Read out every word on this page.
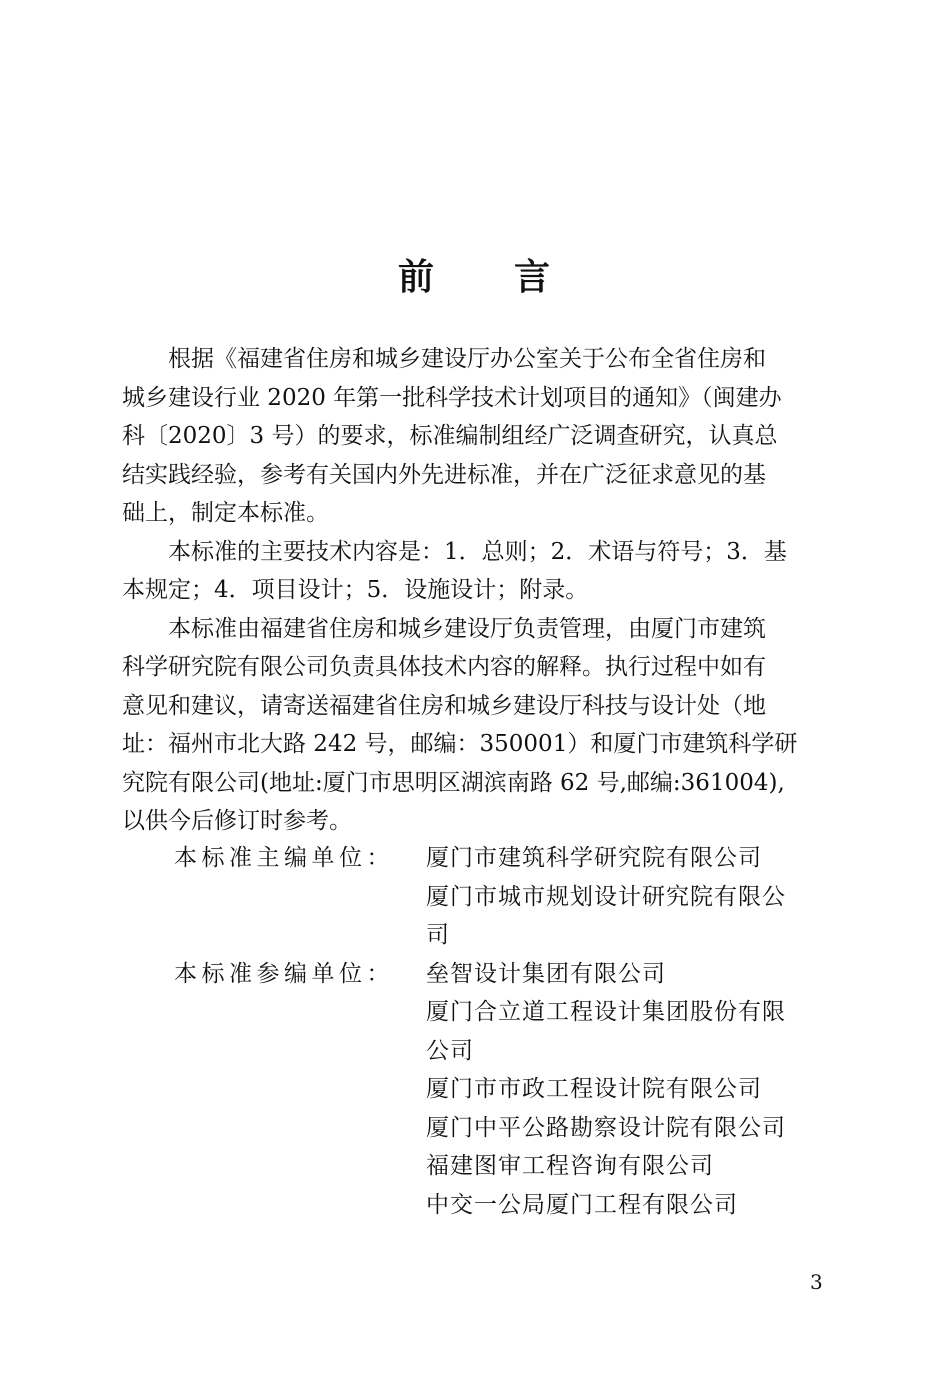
前 言

根据《福建省住房和城乡建设厅办公室关于公布全省住房和
城乡建设行业 2020 年第一批科学技术计划项目的通知》（闽建办
科〔2020〕3 号）的要求，标准编制组经广泛调查研究，认真总
结实践经验，参考有关国内外先进标准，并在广泛征求意见的基
础上，制定本标准。

本标准的主要技术内容是：1．总则；2．术语与符号；3．基
本规定；4．项目设计；5．设施设计；附录。

本标准由福建省住房和城乡建设厅负责管理，由厦门市建筑
科学研究院有限公司负责具体技术内容的解释。执行过程中如有
意见和建议，请寄送福建省住房和城乡建设厅科技与设计处（地
址：福州市北大路 242 号，邮编：350001）和厦门市建筑科学研
究院有限公司(地址:厦门市思明区湖滨南路 62 号,邮编:361004),
以供今后修订时参考。

本标准主编单位：	厦门市建筑科学研究院有限公司
厦门市城市规划设计研究院有限公
司
本标准参编单位：	垒智设计集团有限公司
厦门合立道工程设计集团股份有限
公司
厦门市市政工程设计院有限公司
厦门中平公路勘察设计院有限公司
福建图审工程咨询有限公司
中交一公局厦门工程有限公司
3
